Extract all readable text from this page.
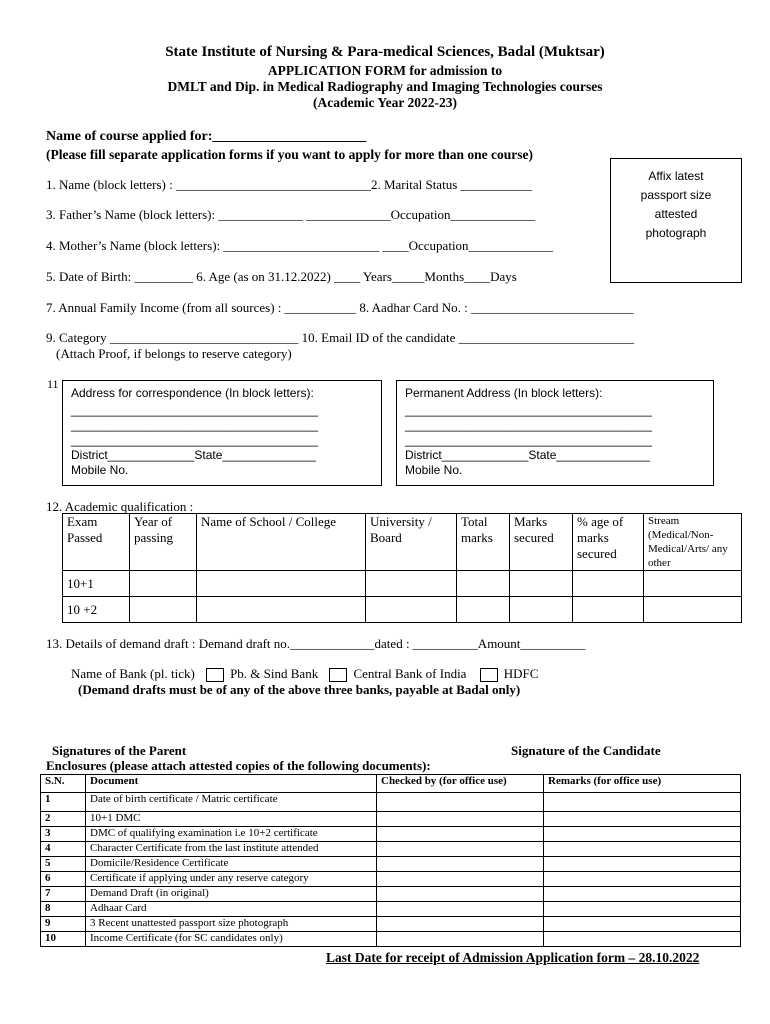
State Institute of Nursing & Para-medical Sciences, Badal (Muktsar)
APPLICATION FORM for admission to
DMLT and Dip. in Medical Radiography and Imaging Technologies courses
(Academic Year 2022-23)
Name of course applied for:______________________
(Please fill separate application forms if you want to apply for more than one course)
Affix latest
passport size
attested
photograph
1. Name (block letters) : ______________________________2. Marital Status ___________
3. Father’s Name (block letters): _____________ _____________Occupation_____________
4. Mother’s Name (block letters): ________________________ ____Occupation_____________
5. Date of Birth: _________ 6. Age (as on 31.12.2022) ____ Years_____Months____Days
7. Annual Family Income (from all sources) : ___________ 8. Aadhar Card No. : _________________________
9. Category _____________________________ 10. Email ID of the candidate ___________________________
(Attach Proof, if belongs to reserve category)
11
Address for correspondence (In block letters):
_____________________________________
_____________________________________
_____________________________________
District_____________State______________
Mobile No.
Permanent Address (In block letters):
_____________________________________
_____________________________________
_____________________________________
District_____________State______________
Mobile No.
12. Academic qualification :
Exam Passed	Year of passing	Name of School / College	University / Board	Total marks	Marks secured	% age of marks secured	Stream (Medical/Non-Medical/Arts/ any other
10+1							
10 +2							
13. Details of demand draft : Demand draft no._____________dated : __________Amount__________
Name of Bank (pl. tick)	Pb. & Sind Bank	Central Bank of India	HDFC
(Demand drafts must be of any of the above three banks, payable at Badal only)
Signatures of the Parent	Signature of the Candidate
Enclosures (please attach attested copies of the following documents):
S.N.	Document	Checked by (for office use)	Remarks (for office use)
1	Date of birth certificate / Matric certificate		
2	10+1 DMC		
3	DMC of qualifying examination i.e 10+2 certificate		
4	Character Certificate from the last institute attended		
5	Domicile/Residence Certificate		
6	Certificate if applying under any reserve category		
7	Demand Draft (in original)		
8	Adhaar Card		
9	3 Recent unattested passport size photograph		
10	Income Certificate (for SC candidates only)		
Last Date for receipt of Admission Application form – 28.10.2022
